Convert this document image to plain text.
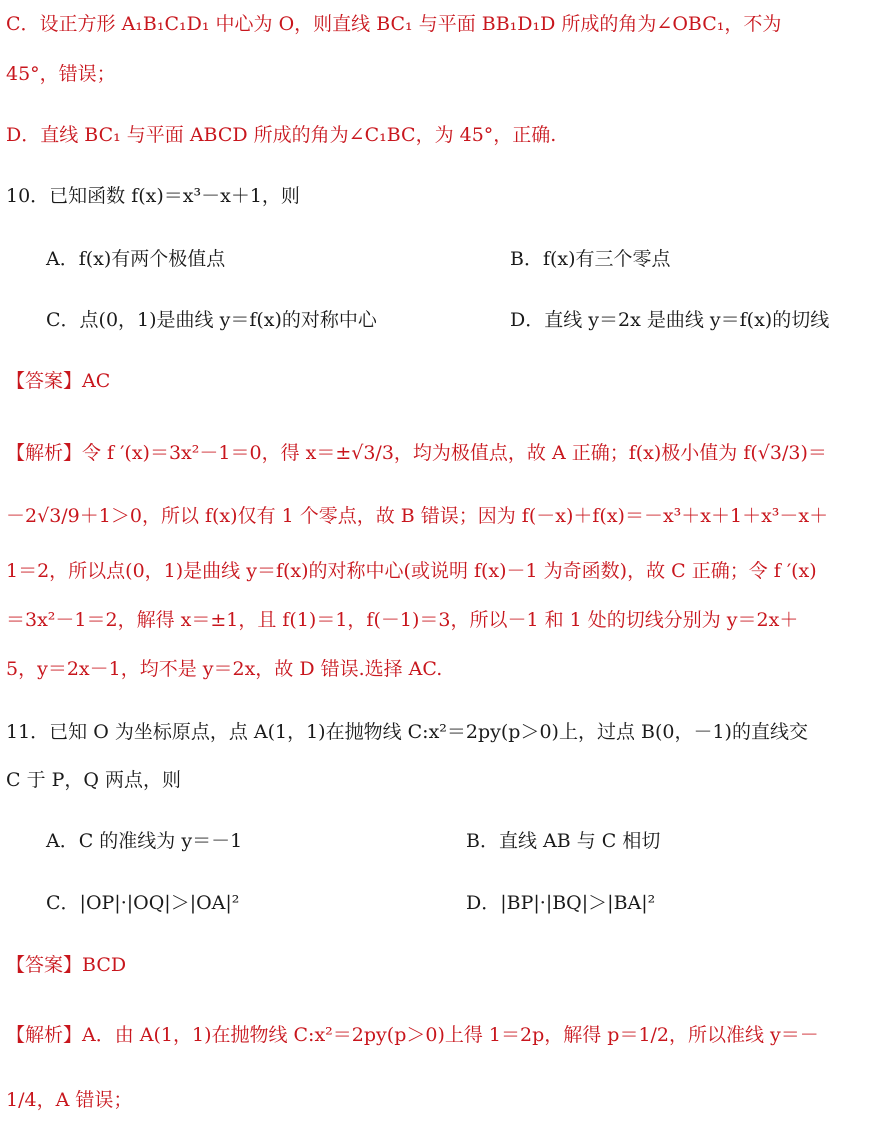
C．设正方形 A₁B₁C₁D₁ 中心为 O，则直线 BC₁ 与平面 BB₁D₁D 所成的角为∠OBC₁，不为
45°，错误；
D．直线 BC₁ 与平面 ABCD 所成的角为∠C₁BC，为 45°，正确.
10．已知函数 f(x)＝x³－x＋1，则
A．f(x)有两个极值点	B．f(x)有三个零点
C．点(0，1)是曲线 y＝f(x)的对称中心	D．直线 y＝2x 是曲线 y＝f(x)的切线
【答案】AC
【解析】令 f ′(x)＝3x²－1＝0，得 x＝±√3/3，均为极值点，故 A 正确；f(x)极小值为 f(√3/3)＝
－2√3/9＋1＞0，所以 f(x)仅有 1 个零点，故 B 错误；因为 f(－x)＋f(x)＝－x³＋x＋1＋x³－x＋
1＝2，所以点(0，1)是曲线 y＝f(x)的对称中心(或说明 f(x)－1 为奇函数)，故 C 正确；令 f ′(x)
＝3x²－1＝2，解得 x＝±1，且 f(1)＝1，f(－1)＝3，所以－1 和 1 处的切线分别为 y＝2x＋
5，y＝2x－1，均不是 y＝2x，故 D 错误.选择 AC.
11．已知 O 为坐标原点，点 A(1，1)在抛物线 C:x²＝2py(p＞0)上，过点 B(0，－1)的直线交
C 于 P，Q 两点，则
A．C 的准线为 y＝－1	B．直线 AB 与 C 相切
C．|OP|·|OQ|＞|OA|²	D．|BP|·|BQ|＞|BA|²
【答案】BCD
【解析】A．由 A(1，1)在抛物线 C:x²＝2py(p＞0)上得 1＝2p，解得 p＝1/2，所以准线 y＝－
1/4，A 错误；
